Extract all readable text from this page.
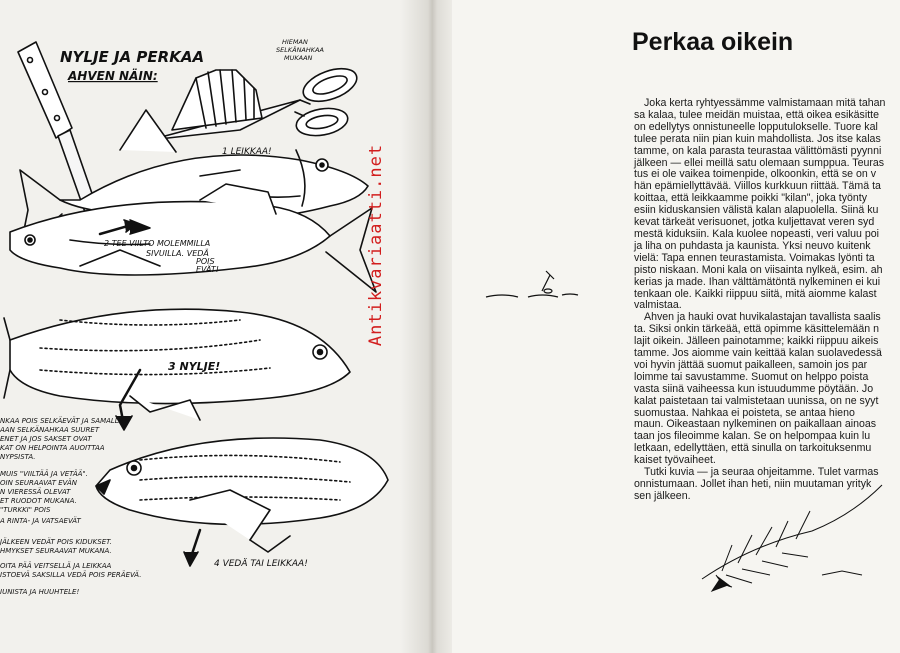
NYLJE JA PERKAA
AHVEN NÄIN:
HIEMAN
SELKÄNAHKAA
MUKAAN
1 LEIKKAA!
2 TEE VIILTO MOLEMMILLA
SIVUILLA. VEDÄ
POIS
EVÄT!
3 NYLJE!
4 VEDÄ TAI LEIKKAA!
NKAA POIS SELKÄEVÄT JA SAMALLA
AAN SELKÄNAHKAA SUURET
ENET JA JOS SAKSET OVAT
KAT ON HELPOINTA AUOITTAA
NYPSISTA.
MUIS "VIILTÄÄ JA VETÄÄ".
OIN SEURAAVAT EVÄN
N VIERESSÄ OLEVAT
ET RUODOT MUKANA.
"TURKKI" POIS
A RINTA- JA VATSAEVÄT
JÄLKEEN VEDÄT POIS KIDUKSET.
HMYKSET SEURAAVAT MUKANA.
OITA PÄÄ VEITSELLÄ JA LEIKKAA
ISTOEVÄ SAKSILLA VEDÄ POIS PERÄEVÄ.
IUNISTA JA HUUHTELE!
Antikvariaatti.net
Perkaa oikein
Joka kerta ryhtyessämme valmistamaan mitä tahan
sa kalaa, tulee meidän muistaa, että oikea esikäsitte
on edellytys onnistuneelle lopputulokselle. Tuore kal
tulee perata niin pian kuin mahdollista. Jos itse kalas
tamme, on kala parasta teurastaa välittömästi pyynni
jälkeen — ellei meillä satu olemaan sumppua. Teuras
tus ei ole vaikea toimenpide, olkoonkin, että se on v
hän epämiellyttävää. Viillos kurkkuun riittää. Tämä ta
koittaa, että leikkaamme poikki "kilan", joka työnty
esiin kiduskansien välistä kalan alapuolella. Siinä ku
kevat tärkeät verisuonet, jotka kuljettavat veren syd
mestä kiduksiin. Kala kuolee nopeasti, veri valuu poi
ja liha on puhdasta ja kaunista. Yksi neuvo kuitenk
vielä: Tapa ennen teurastamista. Voimakas lyönti ta
pisto niskaan. Moni kala on viisainta nylkeä, esim. ah
kerias ja made. Ihan välttämätöntä nylkeminen ei kui
tenkaan ole. Kaikki riippuu siitä, mitä aiomme kalast
valmistaa.
Ahven ja hauki ovat huvikalastajan tavallista saalis
ta. Siksi onkin tärkeää, että opimme käsittelemään n
lajit oikein. Jälleen painotamme; kaikki riippuu aikeis
tamme. Jos aiomme vain keittää kalan suolavedessä
voi hyvin jättää suomut paikalleen, samoin jos par
loimme tai savustamme. Suomut on helppo poista
vasta siinä vaiheessa kun istuudumme pöytään. Jo
kalat paistetaan tai valmistetaan uunissa, on ne syyt
suomustaa. Nahkaa ei poisteta, se antaa hieno
maun. Oikeastaan nylkeminen on paikallaan ainoas
taan jos fileoimme kalan. Se on helpompaa kuin lu
letkaan, edellyttäen, että sinulla on tarkoituksenmu
kaiset työvaiheet.
Tutki kuvia — ja seuraa ohjeitamme. Tulet varmas
onnistumaan. Jollet ihan heti, niin muutaman yrityk
sen jälkeen.
